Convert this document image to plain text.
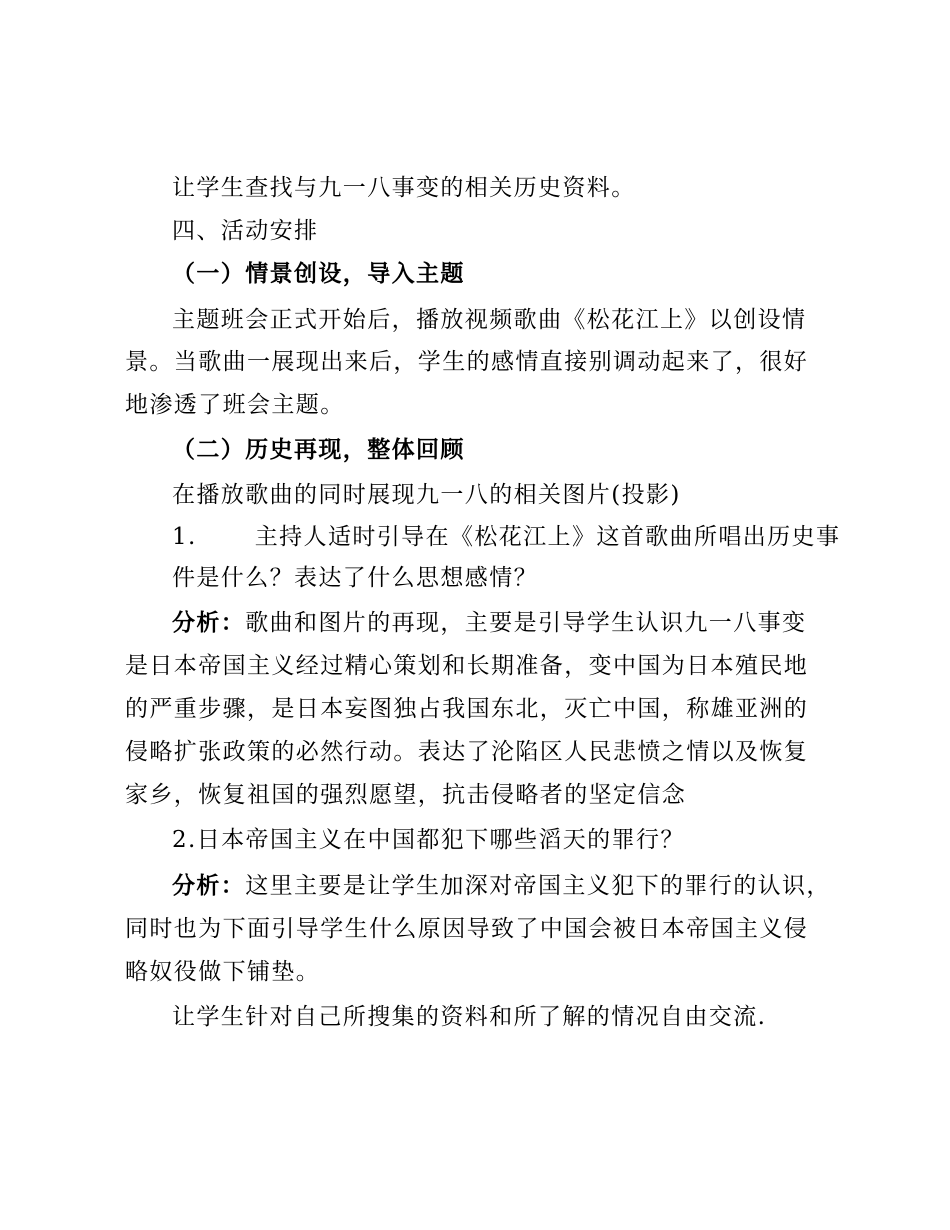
让学生查找与九一八事变的相关历史资料。
四、活动安排
（一）情景创设，导入主题
主题班会正式开始后，播放视频歌曲《松花江上》以创设情
景。当歌曲一展现出来后，学生的感情直接别调动起来了，很好
地渗透了班会主题。
（二）历史再现，整体回顾
在播放歌曲的同时展现九一八的相关图片(投影)
1.	主持人适时引导在《松花江上》这首歌曲所唱出历史事
件是什么？表达了什么思想感情？
分析：歌曲和图片的再现，主要是引导学生认识九一八事变
是日本帝国主义经过精心策划和长期准备，变中国为日本殖民地
的严重步骤，是日本妄图独占我国东北，灭亡中国，称雄亚洲的
侵略扩张政策的必然行动。表达了沦陷区人民悲愤之情以及恢复
家乡，恢复祖国的强烈愿望，抗击侵略者的坚定信念
2.日本帝国主义在中国都犯下哪些滔天的罪行？
分析：这里主要是让学生加深对帝国主义犯下的罪行的认识，
同时也为下面引导学生什么原因导致了中国会被日本帝国主义侵
略奴役做下铺垫。
让学生针对自己所搜集的资料和所了解的情况自由交流.
